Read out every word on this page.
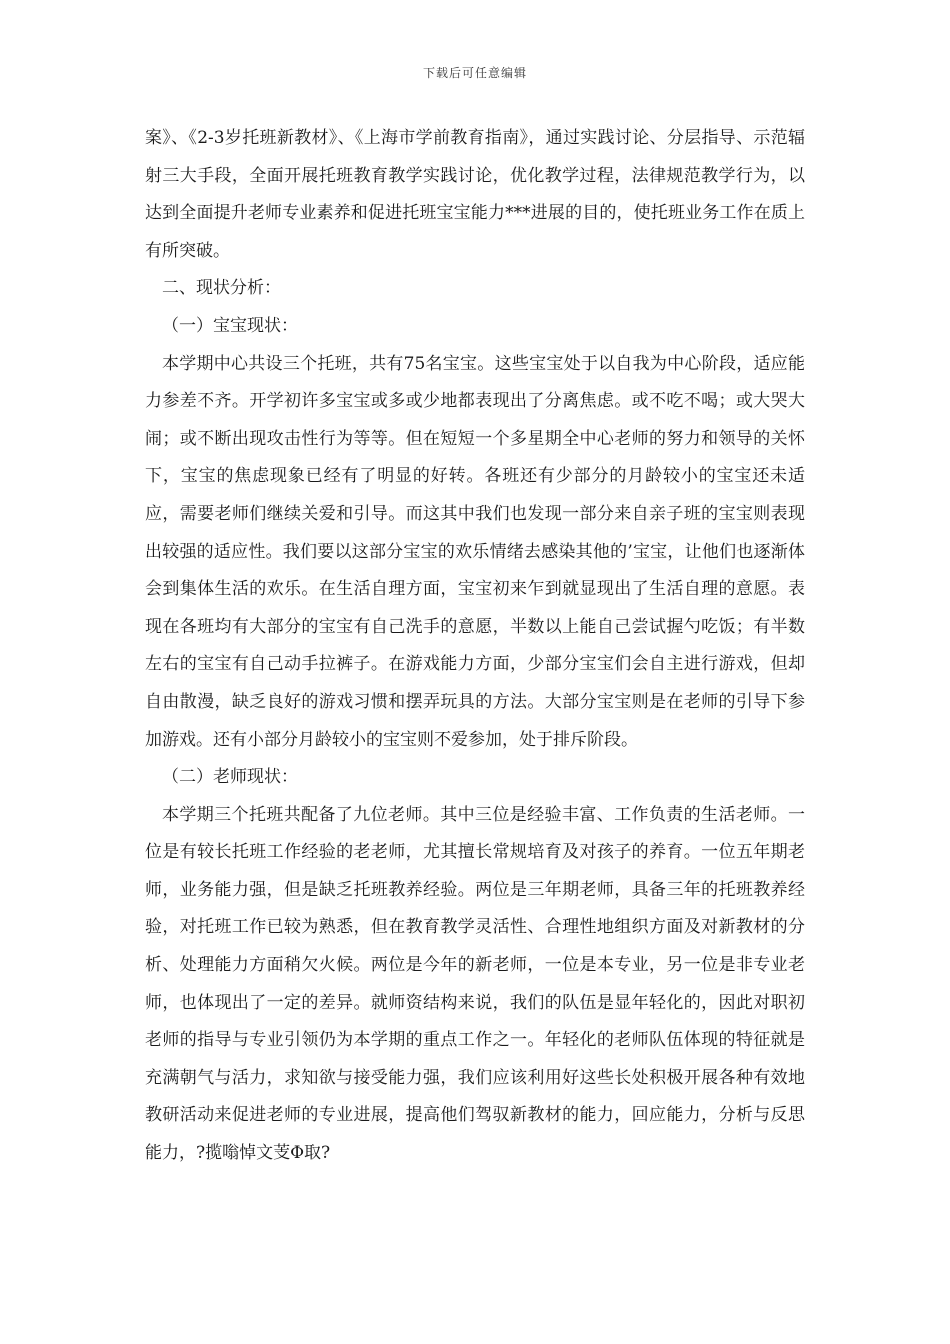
下载后可任意编辑

案》、《2-3岁托班新教材》、《上海市学前教育指南》，通过实践讨论、分层指导、示范辐射三大手段，全面开展托班教育教学实践讨论，优化教学过程，法律规范教学行为，以达到全面提升老师专业素养和促进托班宝宝能力***进展的目的，使托班业务工作在质上有所突破。

二、现状分析：

（一）宝宝现状：

本学期中心共设三个托班，共有75名宝宝。这些宝宝处于以自我为中心阶段，适应能力参差不齐。开学初许多宝宝或多或少地都表现出了分离焦虑。或不吃不喝；或大哭大闹；或不断出现攻击性行为等等。但在短短一个多星期全中心老师的努力和领导的关怀下，宝宝的焦虑现象已经有了明显的好转。各班还有少部分的月龄较小的宝宝还未适应，需要老师们继续关爱和引导。而这其中我们也发现一部分来自亲子班的宝宝则表现出较强的适应性。我们要以这部分宝宝的欢乐情绪去感染其他的’宝宝，让他们也逐渐体会到集体生活的欢乐。在生活自理方面，宝宝初来乍到就显现出了生活自理的意愿。表现在各班均有大部分的宝宝有自己洗手的意愿，半数以上能自己尝试握勺吃饭；有半数左右的宝宝有自己动手拉裤子。在游戏能力方面，少部分宝宝们会自主进行游戏，但却自由散漫，缺乏良好的游戏习惯和摆弄玩具的方法。大部分宝宝则是在老师的引导下参加游戏。还有小部分月龄较小的宝宝则不爱参加，处于排斥阶段。

（二）老师现状：

本学期三个托班共配备了九位老师。其中三位是经验丰富、工作负责的生活老师。一位是有较长托班工作经验的老老师，尤其擅长常规培育及对孩子的养育。一位五年期老师，业务能力强，但是缺乏托班教养经验。两位是三年期老师，具备三年的托班教养经验，对托班工作已较为熟悉，但在教育教学灵活性、合理性地组织方面及对新教材的分析、处理能力方面稍欠火候。两位是今年的新老师，一位是本专业，另一位是非专业老师，也体现出了一定的差异。就师资结构来说，我们的队伍是显年轻化的，因此对职初老师的指导与专业引领仍为本学期的重点工作之一。年轻化的老师队伍体现的特征就是充满朝气与活力，求知欲与接受能力强，我们应该利用好这些长处积极开展各种有效地教研活动来促进老师的专业进展，提高他们驾驭新教材的能力，回应能力，分析与反思能力，?揽嗡悼文芰Φ取?
